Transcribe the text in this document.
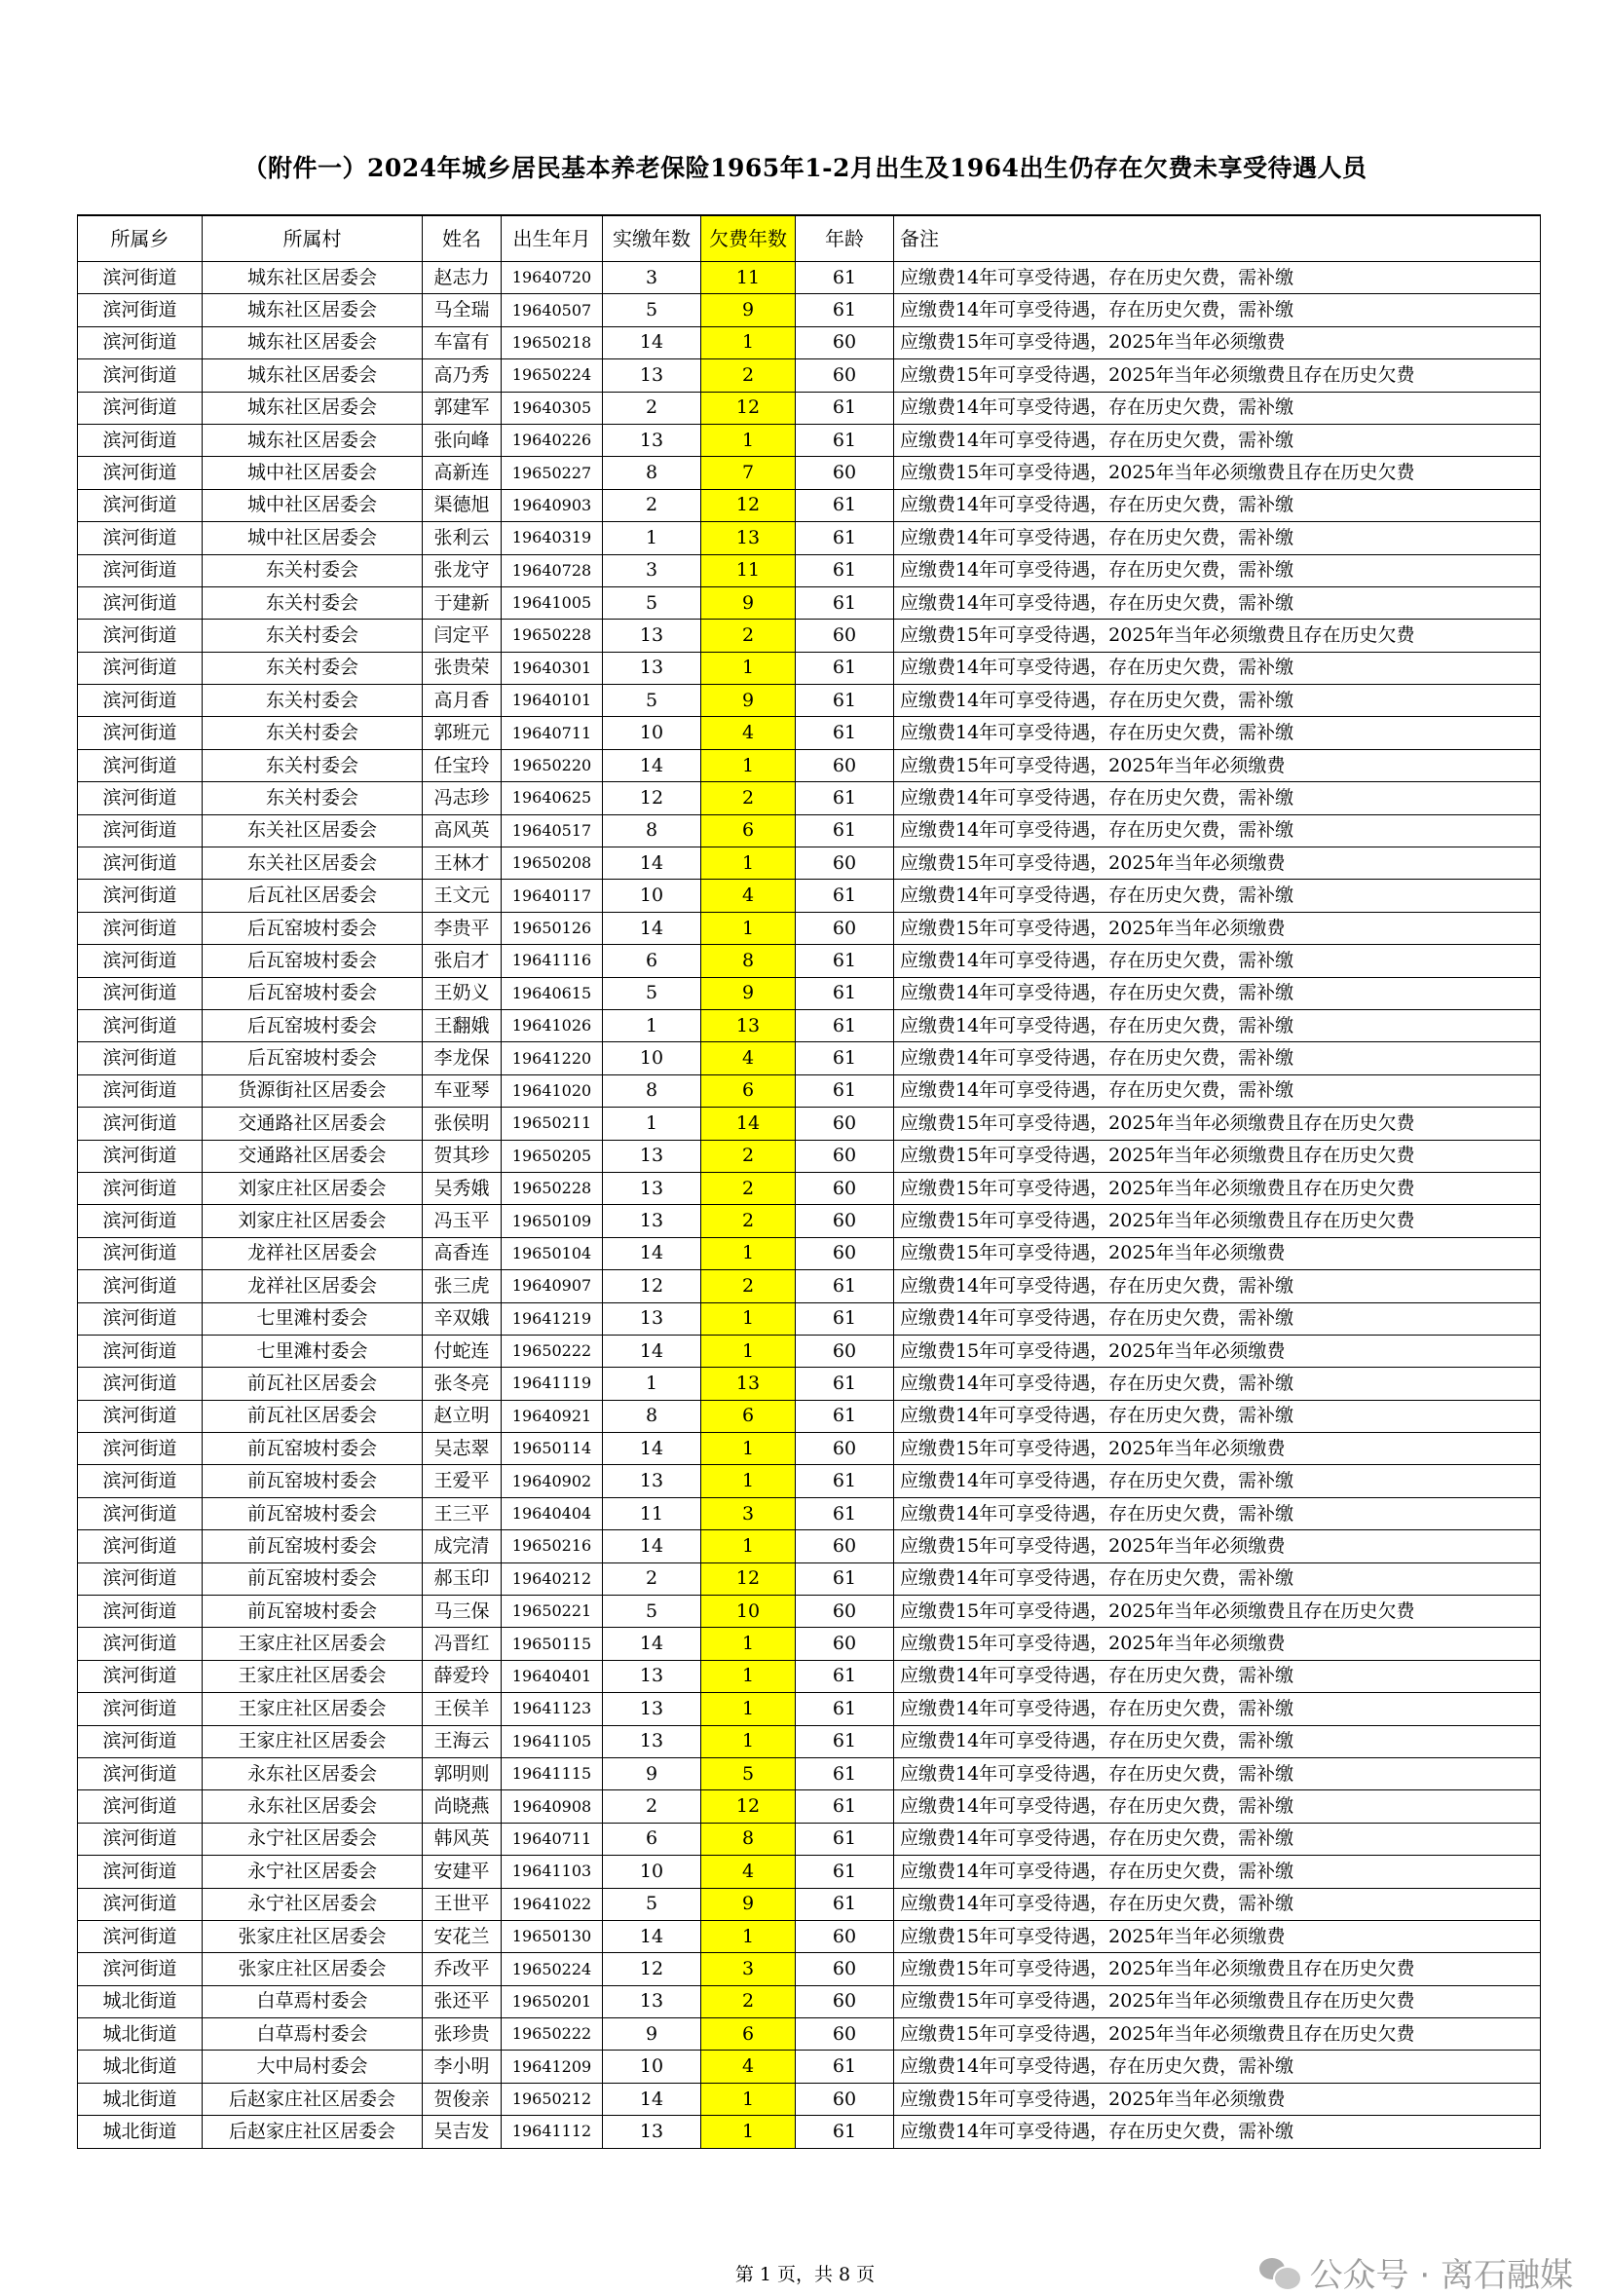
（附件一）2024年城乡居民基本养老保险1965年1-2月出生及1964出生仍存在欠费未享受待遇人员
所属乡	所属村	姓名	出生年月	实缴年数	欠费年数	年龄	备注
滨河街道	城东社区居委会	赵志力	19640720	3	11	61	应缴费14年可享受待遇，存在历史欠费，需补缴
滨河街道	城东社区居委会	马全瑞	19640507	5	9	61	应缴费14年可享受待遇，存在历史欠费，需补缴
滨河街道	城东社区居委会	车富有	19650218	14	1	60	应缴费15年可享受待遇，2025年当年必须缴费
滨河街道	城东社区居委会	高乃秀	19650224	13	2	60	应缴费15年可享受待遇，2025年当年必须缴费且存在历史欠费
滨河街道	城东社区居委会	郭建军	19640305	2	12	61	应缴费14年可享受待遇，存在历史欠费，需补缴
滨河街道	城东社区居委会	张向峰	19640226	13	1	61	应缴费14年可享受待遇，存在历史欠费，需补缴
滨河街道	城中社区居委会	高新连	19650227	8	7	60	应缴费15年可享受待遇，2025年当年必须缴费且存在历史欠费
滨河街道	城中社区居委会	渠德旭	19640903	2	12	61	应缴费14年可享受待遇，存在历史欠费，需补缴
滨河街道	城中社区居委会	张利云	19640319	1	13	61	应缴费14年可享受待遇，存在历史欠费，需补缴
滨河街道	东关村委会	张龙守	19640728	3	11	61	应缴费14年可享受待遇，存在历史欠费，需补缴
滨河街道	东关村委会	于建新	19641005	5	9	61	应缴费14年可享受待遇，存在历史欠费，需补缴
滨河街道	东关村委会	闫定平	19650228	13	2	60	应缴费15年可享受待遇，2025年当年必须缴费且存在历史欠费
滨河街道	东关村委会	张贵荣	19640301	13	1	61	应缴费14年可享受待遇，存在历史欠费，需补缴
滨河街道	东关村委会	高月香	19640101	5	9	61	应缴费14年可享受待遇，存在历史欠费，需补缴
滨河街道	东关村委会	郭班元	19640711	10	4	61	应缴费14年可享受待遇，存在历史欠费，需补缴
滨河街道	东关村委会	任宝玲	19650220	14	1	60	应缴费15年可享受待遇，2025年当年必须缴费
滨河街道	东关村委会	冯志珍	19640625	12	2	61	应缴费14年可享受待遇，存在历史欠费，需补缴
滨河街道	东关社区居委会	高风英	19640517	8	6	61	应缴费14年可享受待遇，存在历史欠费，需补缴
滨河街道	东关社区居委会	王林才	19650208	14	1	60	应缴费15年可享受待遇，2025年当年必须缴费
滨河街道	后瓦社区居委会	王文元	19640117	10	4	61	应缴费14年可享受待遇，存在历史欠费，需补缴
滨河街道	后瓦窑坡村委会	李贵平	19650126	14	1	60	应缴费15年可享受待遇，2025年当年必须缴费
滨河街道	后瓦窑坡村委会	张启才	19641116	6	8	61	应缴费14年可享受待遇，存在历史欠费，需补缴
滨河街道	后瓦窑坡村委会	王奶义	19640615	5	9	61	应缴费14年可享受待遇，存在历史欠费，需补缴
滨河街道	后瓦窑坡村委会	王翻娥	19641026	1	13	61	应缴费14年可享受待遇，存在历史欠费，需补缴
滨河街道	后瓦窑坡村委会	李龙保	19641220	10	4	61	应缴费14年可享受待遇，存在历史欠费，需补缴
滨河街道	货源街社区居委会	车亚琴	19641020	8	6	61	应缴费14年可享受待遇，存在历史欠费，需补缴
滨河街道	交通路社区居委会	张侯明	19650211	1	14	60	应缴费15年可享受待遇，2025年当年必须缴费且存在历史欠费
滨河街道	交通路社区居委会	贺其珍	19650205	13	2	60	应缴费15年可享受待遇，2025年当年必须缴费且存在历史欠费
滨河街道	刘家庄社区居委会	吴秀娥	19650228	13	2	60	应缴费15年可享受待遇，2025年当年必须缴费且存在历史欠费
滨河街道	刘家庄社区居委会	冯玉平	19650109	13	2	60	应缴费15年可享受待遇，2025年当年必须缴费且存在历史欠费
滨河街道	龙祥社区居委会	高香连	19650104	14	1	60	应缴费15年可享受待遇，2025年当年必须缴费
滨河街道	龙祥社区居委会	张三虎	19640907	12	2	61	应缴费14年可享受待遇，存在历史欠费，需补缴
滨河街道	七里滩村委会	辛双娥	19641219	13	1	61	应缴费14年可享受待遇，存在历史欠费，需补缴
滨河街道	七里滩村委会	付蛇连	19650222	14	1	60	应缴费15年可享受待遇，2025年当年必须缴费
滨河街道	前瓦社区居委会	张冬亮	19641119	1	13	61	应缴费14年可享受待遇，存在历史欠费，需补缴
滨河街道	前瓦社区居委会	赵立明	19640921	8	6	61	应缴费14年可享受待遇，存在历史欠费，需补缴
滨河街道	前瓦窑坡村委会	吴志翠	19650114	14	1	60	应缴费15年可享受待遇，2025年当年必须缴费
滨河街道	前瓦窑坡村委会	王爱平	19640902	13	1	61	应缴费14年可享受待遇，存在历史欠费，需补缴
滨河街道	前瓦窑坡村委会	王三平	19640404	11	3	61	应缴费14年可享受待遇，存在历史欠费，需补缴
滨河街道	前瓦窑坡村委会	成完清	19650216	14	1	60	应缴费15年可享受待遇，2025年当年必须缴费
滨河街道	前瓦窑坡村委会	郝玉印	19640212	2	12	61	应缴费14年可享受待遇，存在历史欠费，需补缴
滨河街道	前瓦窑坡村委会	马三保	19650221	5	10	60	应缴费15年可享受待遇，2025年当年必须缴费且存在历史欠费
滨河街道	王家庄社区居委会	冯晋红	19650115	14	1	60	应缴费15年可享受待遇，2025年当年必须缴费
滨河街道	王家庄社区居委会	薛爱玲	19640401	13	1	61	应缴费14年可享受待遇，存在历史欠费，需补缴
滨河街道	王家庄社区居委会	王侯羊	19641123	13	1	61	应缴费14年可享受待遇，存在历史欠费，需补缴
滨河街道	王家庄社区居委会	王海云	19641105	13	1	61	应缴费14年可享受待遇，存在历史欠费，需补缴
滨河街道	永东社区居委会	郭明则	19641115	9	5	61	应缴费14年可享受待遇，存在历史欠费，需补缴
滨河街道	永东社区居委会	尚晓燕	19640908	2	12	61	应缴费14年可享受待遇，存在历史欠费，需补缴
滨河街道	永宁社区居委会	韩风英	19640711	6	8	61	应缴费14年可享受待遇，存在历史欠费，需补缴
滨河街道	永宁社区居委会	安建平	19641103	10	4	61	应缴费14年可享受待遇，存在历史欠费，需补缴
滨河街道	永宁社区居委会	王世平	19641022	5	9	61	应缴费14年可享受待遇，存在历史欠费，需补缴
滨河街道	张家庄社区居委会	安花兰	19650130	14	1	60	应缴费15年可享受待遇，2025年当年必须缴费
滨河街道	张家庄社区居委会	乔改平	19650224	12	3	60	应缴费15年可享受待遇，2025年当年必须缴费且存在历史欠费
城北街道	白草焉村委会	张还平	19650201	13	2	60	应缴费15年可享受待遇，2025年当年必须缴费且存在历史欠费
城北街道	白草焉村委会	张珍贵	19650222	9	6	60	应缴费15年可享受待遇，2025年当年必须缴费且存在历史欠费
城北街道	大中局村委会	李小明	19641209	10	4	61	应缴费14年可享受待遇，存在历史欠费，需补缴
城北街道	后赵家庄社区居委会	贺俊亲	19650212	14	1	60	应缴费15年可享受待遇，2025年当年必须缴费
城北街道	后赵家庄社区居委会	吴吉发	19641112	13	1	61	应缴费14年可享受待遇，存在历史欠费，需补缴
第 1 页，共 8 页	公众号 · 离石融媒
